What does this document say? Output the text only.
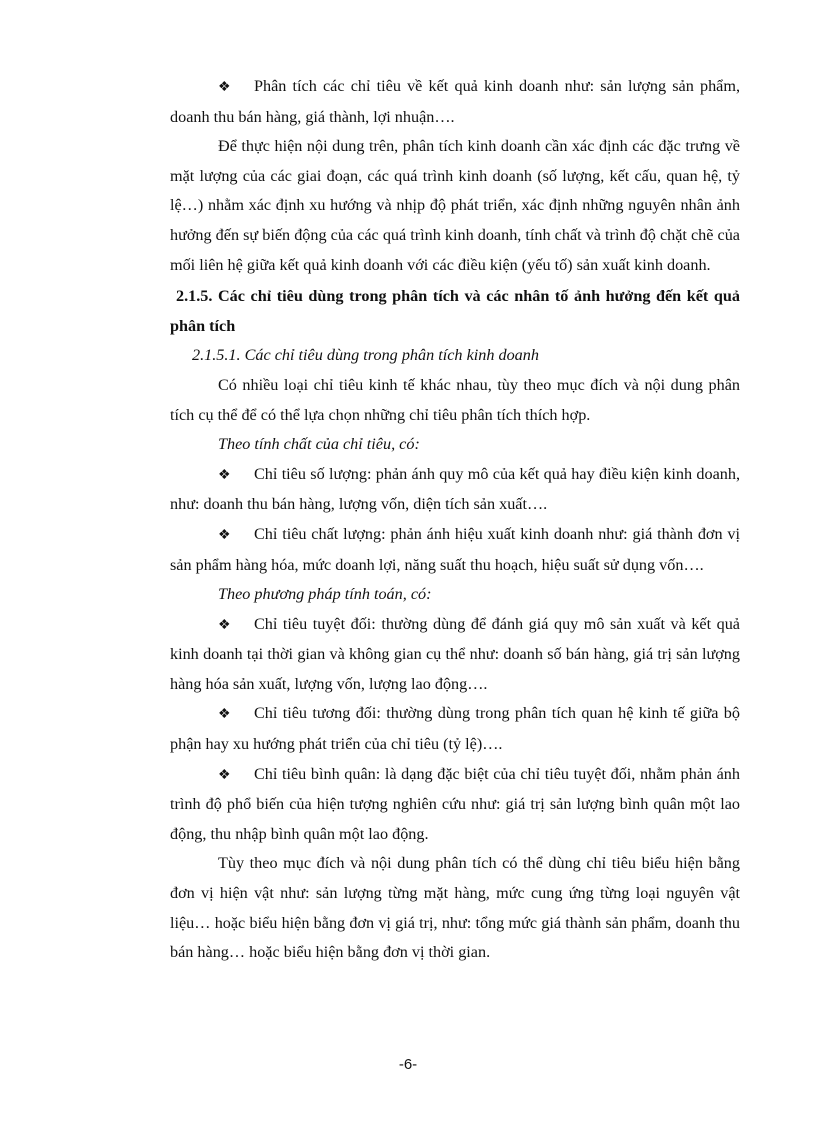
❖ Phân tích các chỉ tiêu về kết quả kinh doanh như: sản lượng sản phẩm, doanh thu bán hàng, giá thành, lợi nhuận….

Để thực hiện nội dung trên, phân tích kinh doanh cần xác định các đặc trưng về mặt lượng của các giai đoạn, các quá trình kinh doanh (số lượng, kết cấu, quan hệ, tỷ lệ…) nhằm xác định xu hướng và nhịp độ phát triển, xác định những nguyên nhân ảnh hưởng đến sự biến động của các quá trình kinh doanh, tính chất và trình độ chặt chẽ của mối liên hệ giữa kết quả kinh doanh với các điều kiện (yếu tố) sản xuất kinh doanh.

2.1.5. Các chỉ tiêu dùng trong phân tích và các nhân tố ảnh hưởng đến kết quả phân tích

2.1.5.1. Các chỉ tiêu dùng trong phân tích kinh doanh

Có nhiều loại chỉ tiêu kinh tế khác nhau, tùy theo mục đích và nội dung phân tích cụ thể để có thể lựa chọn những chỉ tiêu phân tích thích hợp.

Theo tính chất của chỉ tiêu, có:

❖ Chỉ tiêu số lượng: phản ánh quy mô của kết quả hay điều kiện kinh doanh, như: doanh thu bán hàng, lượng vốn, diện tích sản xuất….

❖ Chỉ tiêu chất lượng: phản ánh hiệu xuất kinh doanh như: giá thành đơn vị sản phẩm hàng hóa, mức doanh lợi, năng suất thu hoạch, hiệu suất sử dụng vốn….

Theo phương pháp tính toán, có:

❖ Chỉ tiêu tuyệt đối: thường dùng để đánh giá quy mô sản xuất và kết quả kinh doanh tại thời gian và không gian cụ thể như: doanh số bán hàng, giá trị sản lượng hàng hóa sản xuất, lượng vốn, lượng lao động….

❖ Chỉ tiêu tương đối: thường dùng trong phân tích quan hệ kinh tế giữa bộ phận hay xu hướng phát triển của chỉ tiêu (tỷ lệ)….

❖ Chỉ tiêu bình quân: là dạng đặc biệt của chỉ tiêu tuyệt đối, nhằm phản ánh trình độ phổ biến của hiện tượng nghiên cứu như: giá trị sản lượng bình quân một lao động, thu nhập bình quân một lao động.

Tùy theo mục đích và nội dung phân tích có thể dùng chỉ tiêu biểu hiện bằng đơn vị hiện vật như: sản lượng từng mặt hàng, mức cung ứng từng loại nguyên vật liệu… hoặc biểu hiện bằng đơn vị giá trị, như: tổng mức giá thành sản phẩm, doanh thu bán hàng… hoặc biểu hiện bằng đơn vị thời gian.

-6-
